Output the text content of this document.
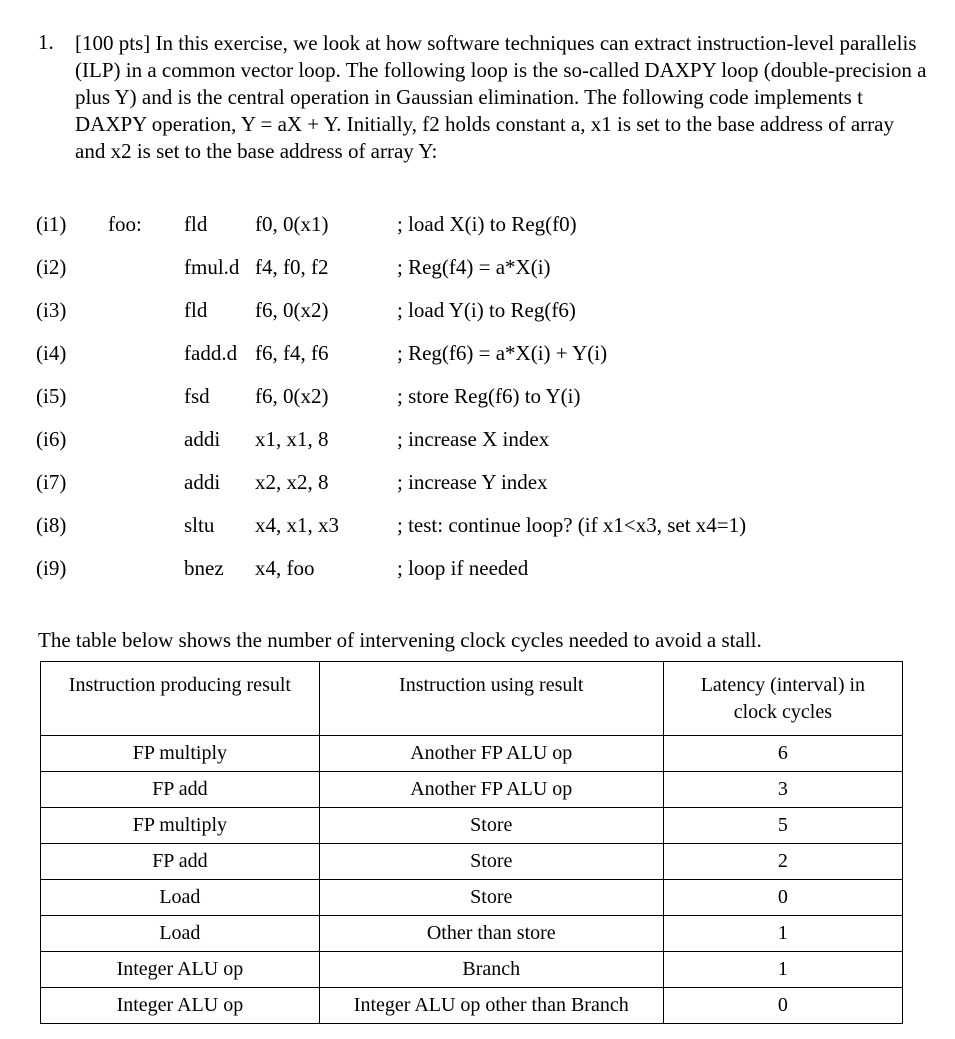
1. [100 pts] In this exercise, we look at how software techniques can extract instruction-level parallelis
(ILP) in a common vector loop. The following loop is the so-called DAXPY loop (double-precision a
plus Y) and is the central operation in Gaussian elimination. The following code implements t
DAXPY operation, Y = aX + Y. Initially, f2 holds constant a, x1 is set to the base address of array
and x2 is set to the base address of array Y:
(i1) foo: fld f0, 0(x1)	; load X(i) to Reg(f0)
(i2)	fmul.d f4, f0, f2	; Reg(f4) = a*X(i)
(i3)	fld f6, 0(x2)	; load Y(i) to Reg(f6)
(i4)	fadd.d f6, f4, f6	; Reg(f6) = a*X(i) + Y(i)
(i5)	fsd f6, 0(x2)	; store Reg(f6) to Y(i)
(i6)	addi x1, x1, 8	; increase X index
(i7)	addi x2, x2, 8	; increase Y index
(i8)	sltu x4, x1, x3	; test: continue loop? (if x1<x3, set x4=1)
(i9)	bnez x4, foo	; loop if needed
The table below shows the number of intervening clock cycles needed to avoid a stall.
Instruction producing result	Instruction using result	Latency (interval) in clock cycles

FP multiply	Another FP ALU op	6
FP add	Another FP ALU op	3
FP multiply	Store	5
FP add	Store	2
Load	Store	0
Load	Other than store	1
Integer ALU op	Branch	1
Integer ALU op	Integer ALU op other than Branch	0
